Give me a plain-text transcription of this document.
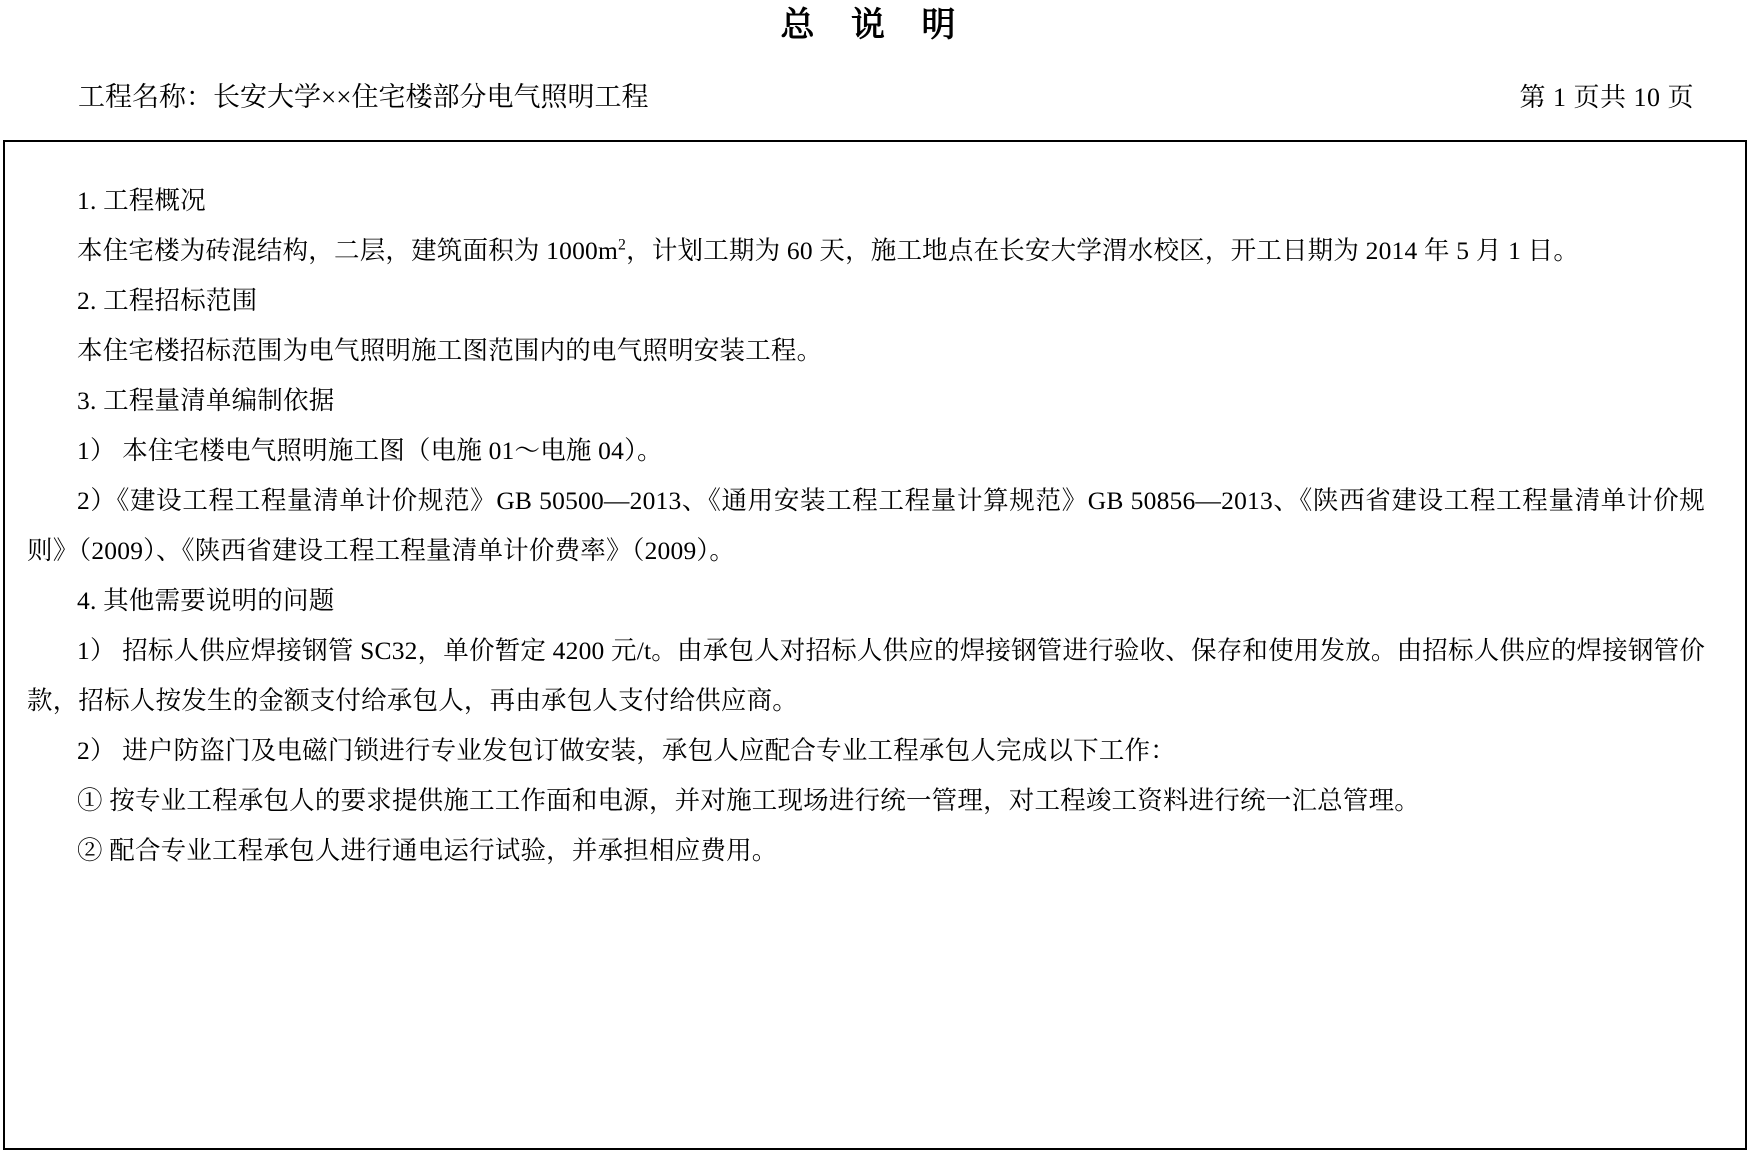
总 说 明
工程名称：长安大学××住宅楼部分电气照明工程	第 1 页共 10 页

1. 工程概况

本住宅楼为砖混结构，二层，建筑面积为 $1000m^2$，计划工期为 60 天，施工地点在长安大学渭水校区，开工日期为 2014 年 5 月 1 日。

2. 工程招标范围

本住宅楼招标范围为电气照明施工图范围内的电气照明安装工程。

3. 工程量清单编制依据

1） 本住宅楼电气照明施工图（电施 01～电施 04）。

2）《建设工程工程量清单计价规范》GB 50500—2013、《通用安装工程工程量计算规范》GB 50856—2013、《陕西省建设工程工程量清单计价规则》（2009）、《陕西省建设工程工程量清单计价费率》（2009）。

4. 其他需要说明的问题

1） 招标人供应焊接钢管 SC32，单价暂定 4200 元/t。由承包人对招标人供应的焊接钢管进行验收、保存和使用发放。由招标人供应的焊接钢管价款，招标人按发生的金额支付给承包人，再由承包人支付给供应商。

2） 进户防盗门及电磁门锁进行专业发包订做安装，承包人应配合专业工程承包人完成以下工作：

① 按专业工程承包人的要求提供施工工作面和电源，并对施工现场进行统一管理，对工程竣工资料进行统一汇总管理。

② 配合专业工程承包人进行通电运行试验，并承担相应费用。
